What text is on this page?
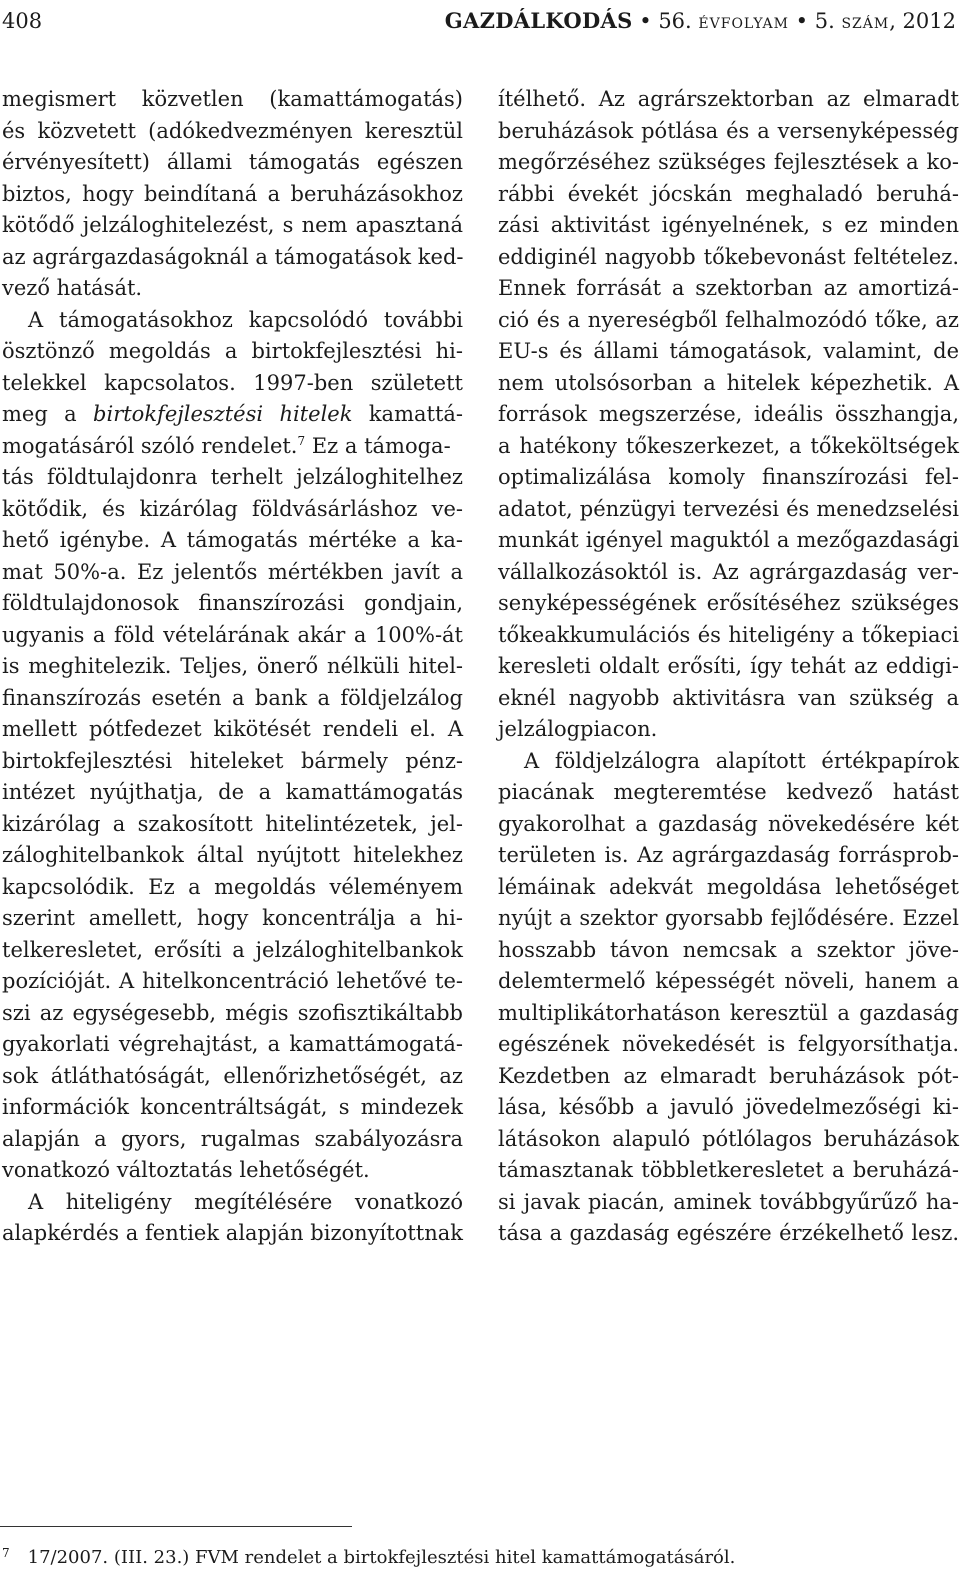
408	GAZDÁLKODÁS • 56. ÉVFOLYAM • 5. SZÁM, 2012
megismert közvetlen (kamattámogatás)
és közvetett (adókedvezményen keresztül
érvényesített) állami támogatás egészen
biztos, hogy beindítaná a beruházásokhoz
kötődő jelzáloghitelezést, s nem apasztaná
az agrárgazdaságoknál a támogatások ked-
vező hatását.
A támogatásokhoz kapcsolódó további
ösztönző megoldás a birtokfejlesztési hi-
telekkel kapcsolatos. 1997-ben született
meg a birtokfejlesztési hitelek kamattá-
mogatásáról szóló rendelet.$^7$ Ez a támoga-
tás földtulajdonra terhelt jelzáloghitelhez
kötődik, és kizárólag földvásárláshoz ve-
hető igénybe. A támogatás mértéke a ka-
mat 50%-a. Ez jelentős mértékben javít a
földtulajdonosok finanszírozási gondjain,
ugyanis a föld vételárának akár a 100%-át
is meghitelezik. Teljes, önerő nélküli hitel-
finanszírozás esetén a bank a földjelzálog
mellett pótfedezet kikötését rendeli el. A
birtokfejlesztési hiteleket bármely pénz-
intézet nyújthatja, de a kamattámogatás
kizárólag a szakosított hitelintézetek, jel-
záloghitelbankok által nyújtott hitelekhez
kapcsolódik. Ez a megoldás véleményem
szerint amellett, hogy koncentrálja a hi-
telkeresletet, erősíti a jelzáloghitelbankok
pozícióját. A hitelkoncentráció lehetővé te-
szi az egységesebb, mégis szofisztikáltabb
gyakorlati végrehajtást, a kamattámogatá-
sok átláthatóságát, ellenőrizhetőségét, az
információk koncentráltságát, s mindezek
alapján a gyors, rugalmas szabályozásra
vonatkozó változtatás lehetőségét.
A hiteligény megítélésére vonatkozó
alapkérdés a fentiek alapján bizonyítottnak
ítélhető. Az agrárszektorban az elmaradt
beruházások pótlása és a versenyképesség
megőrzéséhez szükséges fejlesztések a ko-
rábbi évekét jócskán meghaladó beruhá-
zási aktivitást igényelnének, s ez minden
eddiginél nagyobb tőkebevonást feltételez.
Ennek forrását a szektorban az amortizá-
ció és a nyereségből felhalmozódó tőke, az
EU-s és állami támogatások, valamint, de
nem utolsósorban a hitelek képezhetik. A
források megszerzése, ideális összhangja,
a hatékony tőkeszerkezet, a tőkeköltségek
optimalizálása komoly finanszírozási fel-
adatot, pénzügyi tervezési és menedzselési
munkát igényel maguktól a mezőgazdasági
vállalkozásoktól is. Az agrárgazdaság ver-
senyképességének erősítéséhez szükséges
tőkeakkumulációs és hiteligény a tőkepiaci
keresleti oldalt erősíti, így tehát az eddigi-
eknél nagyobb aktivitásra van szükség a
jelzálogpiacon.
A földjelzálogra alapított értékpapírok
piacának megteremtése kedvező hatást
gyakorolhat a gazdaság növekedésére két
területen is. Az agrárgazdaság forrásprob-
lémáinak adekvát megoldása lehetőséget
nyújt a szektor gyorsabb fejlődésére. Ezzel
hosszabb távon nemcsak a szektor jöve-
delemtermelő képességét növeli, hanem a
multiplikátorhatáson keresztül a gazdaság
egészének növekedését is felgyorsíthatja.
Kezdetben az elmaradt beruházások pót-
lása, később a javuló jövedelmezőségi ki-
látásokon alapuló pótlólagos beruházások
támasztanak többletkeresletet a beruházá-
si javak piacán, aminek továbbgyűrűző ha-
tása a gazdaság egészére érzékelhető lesz.
$^7$ 17/2007. (III. 23.) FVM rendelet a birtokfejlesztési hitel kamattámogatásáról.
